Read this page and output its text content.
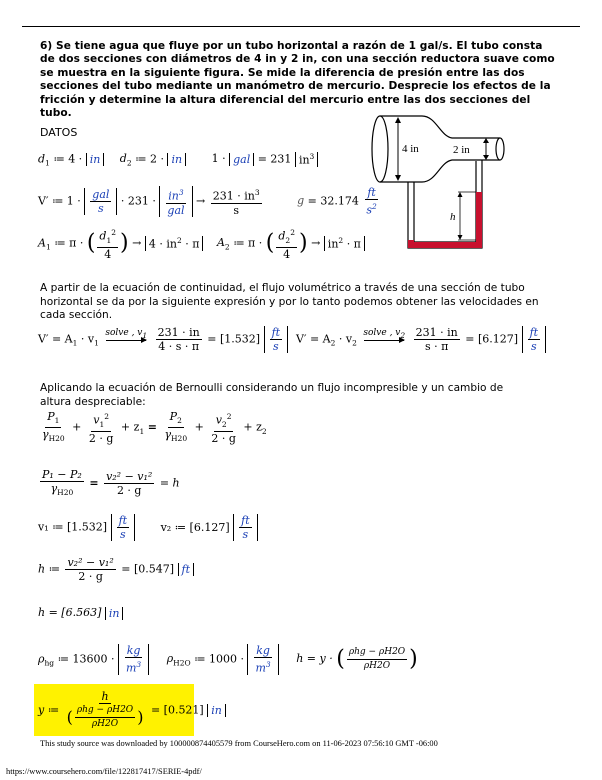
6) Se tiene agua que fluye por un tubo horizontal a razón de 1 gal/s. El tubo consta de dos secciones con diámetros de 4 in y 2 in, con una sección reductora suave como se muestra en la siguiente figura. Se mide la diferencia de presión entre las dos secciones del tubo mediante un manómetro de mercurio. Desprecie los efectos de la fricción y determine la altura diferencial del mercurio entre las dos secciones del tubo.
DATOS
4 in	2 in
h
$d_1$ ≔ 4 · in $d_2$ ≔ 2 · in	1 · gal = 231 $in^3$
V′ ≔ $1 \cdot \frac{\text{gal}}{s} \cdot 231 \cdot \frac{in^3}{\text{gal}} \to \frac{231 \cdot in^3}{s}$	$g = 32.174 \frac{ft}{s^2}$
$A_1$ ≔ π · ( $\frac{d_1^2}{4}$ ) → $4 \cdot in^2 \cdot \pi$ $A_2$ ≔ π · ( $\frac{d_2^2}{4}$ ) → $in^2 \cdot \pi$
A partir de la ecuación de continuidad, el flujo volumétrico a través de una sección de tubo horizontal se da por la siguiente expresión y por lo tanto podemos obtener las velocidades en cada sección.
$V' = A_1 \cdot v_1$
solve , $v_1$

$\frac{231 \cdot in}{4 \cdot s \cdot \pi} = [1.532] \frac{ft}{s} V' = A_2 \cdot v_2$
solve , $v_2$

$\frac{231 \cdot in}{s \cdot \pi} = [6.127] \frac{ft}{s}$
Aplicando la ecuación de Bernoulli considerando un flujo incompresible y un cambio de altura despreciable:
$\frac{P_1}{\gamma_{H20}} + \frac{v_1^2}{2 \cdot g} + z_1 = \frac{P_2}{\gamma_{H20}} + \frac{v_2^2}{2 \cdot g} + z_2$
$\frac{\text{P₁ − P₂}}{\gamma_{H20}} = \frac{\text{v₂² − v₁²}}{2 \cdot g} = h$
v₁ ≔ $[1.532] \frac{ft}{s}$	v₂ ≔ $[6.127] \frac{ft}{s}$
h ≔ $\frac{\text{v₂² − v₁²}}{2 \cdot g} = [0.547]$ ft
h = [6.563] in
$\rho_{hg}$ ≔ $13600 \cdot \frac{kg}{m^3} \rho_{H2O}$ ≔ $1000 \cdot \frac{kg}{m^3}$ h = y · ( $\frac{\text{ρhg − ρH2O}}{\rho H2O}$ )
y ≔ $\frac{h}{( \frac{\text{ρhg − ρH2O}}{\rho H2O} )} = [0.521]$ in
This study source was downloaded by 100000874405579 from CourseHero.com on 11-06-2023 07:56:10 GMT -06:00
https://www.coursehero.com/file/122817417/SERIE-4pdf/
